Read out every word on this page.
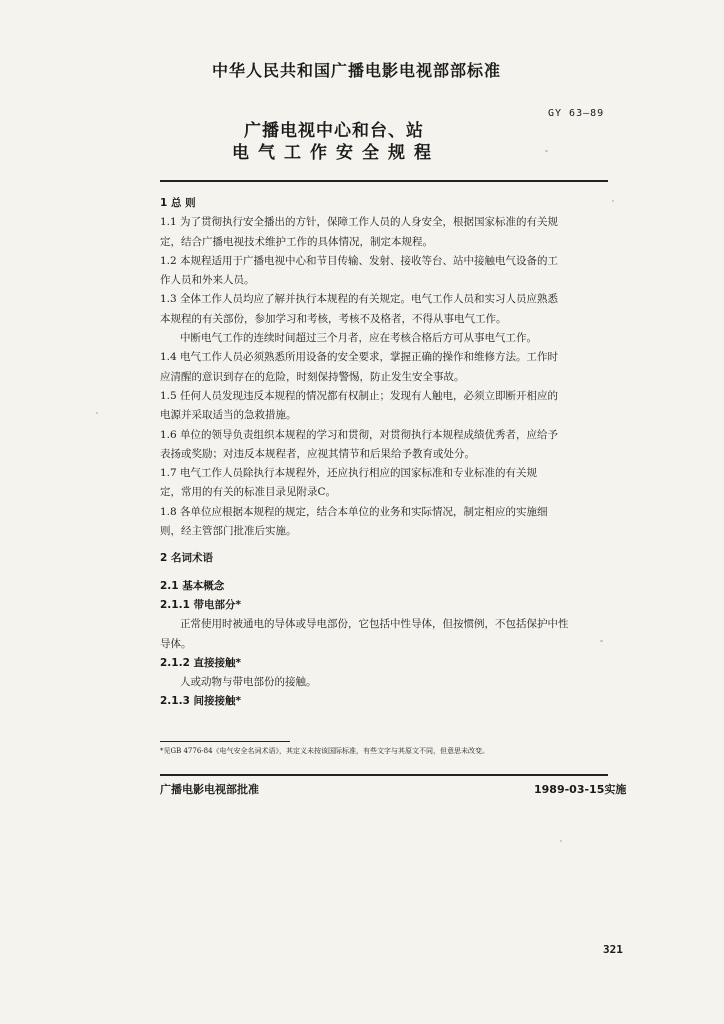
中华人民共和国广播电影电视部部标准
GY 63—89
广播电视中心和台、站
电气工作安全规程
1 总 则
1.1 为了贯彻执行安全播出的方针，保障工作人员的人身安全，根据国家标准的有关规
定，结合广播电视技术维护工作的具体情况，制定本规程。
1.2 本规程适用于广播电视中心和节目传输、发射、接收等台、站中接触电气设备的工
作人员和外来人员。
1.3 全体工作人员均应了解并执行本规程的有关规定。电气工作人员和实习人员应熟悉
本规程的有关部份，参加学习和考核，考核不及格者，不得从事电气工作。
中断电气工作的连续时间超过三个月者，应在考核合格后方可从事电气工作。
1.4 电气工作人员必须熟悉所用设备的安全要求，掌握正确的操作和维修方法。工作时
应清醒的意识到存在的危险，时刻保持警惕，防止发生安全事故。
1.5 任何人员发现违反本规程的情况都有权制止；发现有人触电，必须立即断开相应的
电源并采取适当的急救措施。
1.6 单位的领导负责组织本规程的学习和贯彻，对贯彻执行本规程成绩优秀者，应给予
表扬或奖励；对违反本规程者，应视其情节和后果给予教育或处分。
1.7 电气工作人员除执行本规程外，还应执行相应的国家标准和专业标准的有关规
定，常用的有关的标准目录见附录C。
1.8 各单位应根据本规程的规定，结合本单位的业务和实际情况，制定相应的实施细
则，经主管部门批准后实施。
2 名词术语
2.1 基本概念
2.1.1 带电部分*
正常使用时被通电的导体或导电部份，它包括中性导体，但按惯例，不包括保护中性
导体。
2.1.2 直接接触*
人或动物与带电部份的接触。
2.1.3 间接接触*
*见GB 4776-84《电气安全名词术语》，其定义未按该国际标准，有些文字与其原文不同，但意思未改变。
广播电影电视部批准	1989-03-15实施
321
